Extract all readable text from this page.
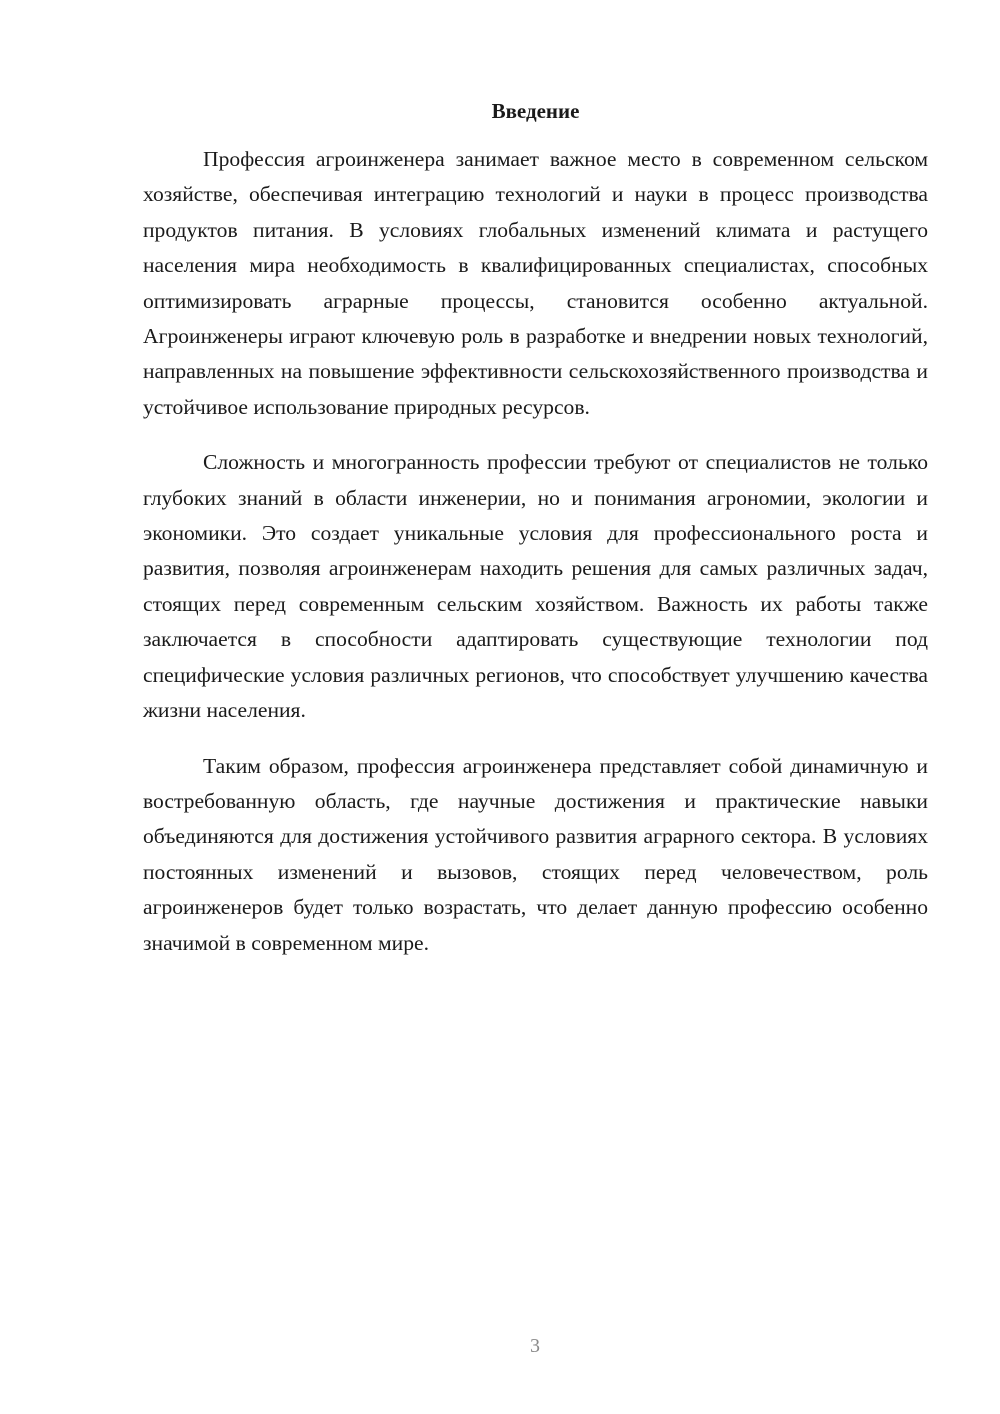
Введение

Профессия агроинженера занимает важное место в современном сельском хозяйстве, обеспечивая интеграцию технологий и науки в процесс производства продуктов питания. В условиях глобальных изменений климата и растущего населения мира необходимость в квалифицированных специалистах, способных оптимизировать аграрные процессы, становится особенно актуальной. Агроинженеры играют ключевую роль в разработке и внедрении новых технологий, направленных на повышение эффективности сельскохозяйственного производства и устойчивое использование природных ресурсов.

Сложность и многогранность профессии требуют от специалистов не только глубоких знаний в области инженерии, но и понимания агрономии, экологии и экономики. Это создает уникальные условия для профессионального роста и развития, позволяя агроинженерам находить решения для самых различных задач, стоящих перед современным сельским хозяйством. Важность их работы также заключается в способности адаптировать существующие технологии под специфические условия различных регионов, что способствует улучшению качества жизни населения.

Таким образом, профессия агроинженера представляет собой динамичную и востребованную область, где научные достижения и практические навыки объединяются для достижения устойчивого развития аграрного сектора. В условиях постоянных изменений и вызовов, стоящих перед человечеством, роль агроинженеров будет только возрастать, что делает данную профессию особенно значимой в современном мире.

3
